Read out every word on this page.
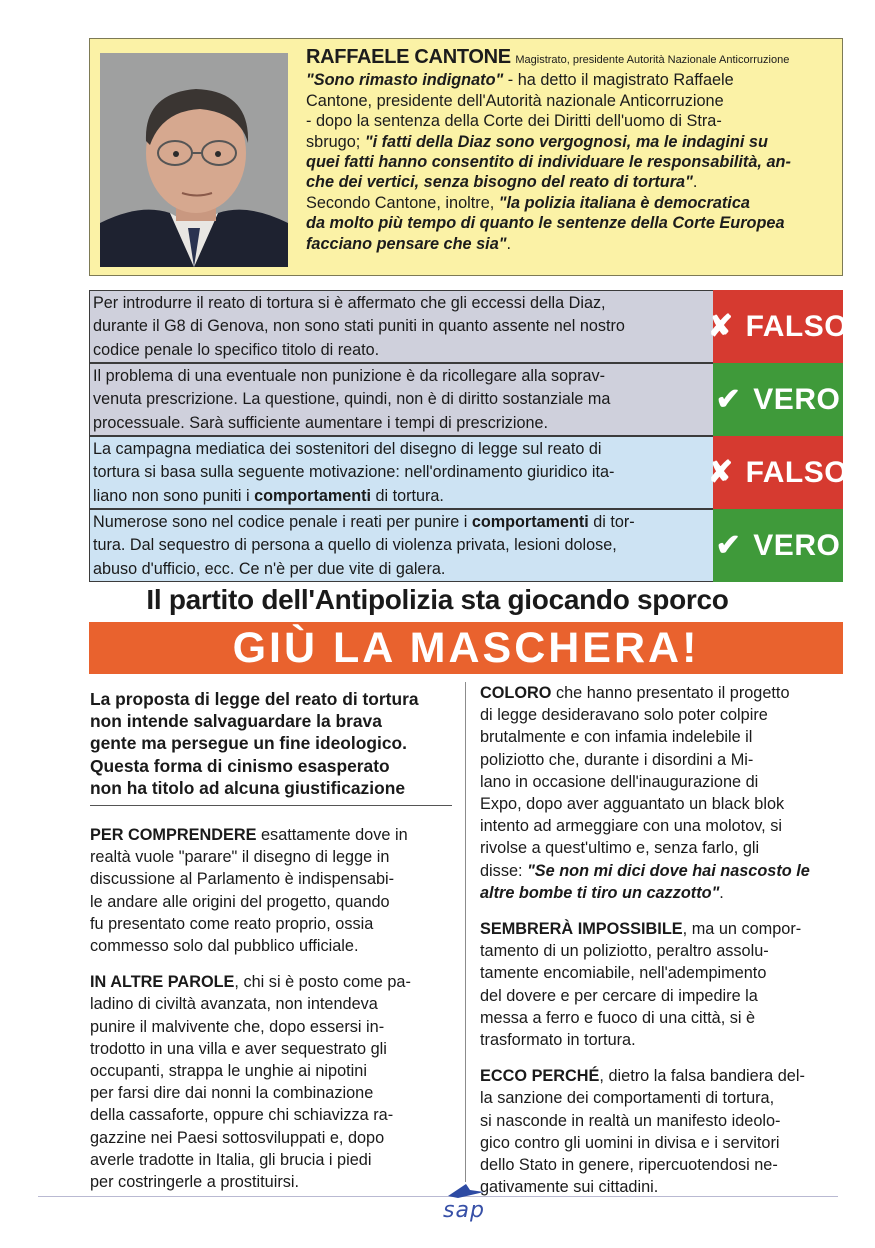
RAFFAELE CANTONE Magistrato, presidente Autorità Nazionale Anticorruzione
"Sono rimasto indignato" - ha detto il magistrato Raffaele
Cantone, presidente dell'Autorità nazionale Anticorruzione
- dopo la sentenza della Corte dei Diritti dell'uomo di Stra-
sbrugo; "i fatti della Diaz sono vergognosi, ma le indagini su
quei fatti hanno consentito di individuare le responsabilità, an-
che dei vertici, senza bisogno del reato di tortura".
Secondo Cantone, inoltre, "la polizia italiana è democratica
da molto più tempo di quanto le sentenze della Corte Europea
facciano pensare che sia".
Per introdurre il reato di tortura si è affermato che gli eccessi della Diaz,
durante il G8 di Genova, non sono stati puniti in quanto assente nel nostro
codice penale lo specifico titolo di reato.
✘ FALSO
Il problema di una eventuale non punizione è da ricollegare alla soprav-
venuta prescrizione. La questione, quindi, non è di diritto sostanziale ma
processuale. Sarà sufficiente aumentare i tempi di prescrizione.
✔ VERO
La campagna mediatica dei sostenitori del disegno di legge sul reato di
tortura si basa sulla seguente motivazione: nell'ordinamento giuridico ita-
liano non sono puniti i comportamenti di tortura.
✘ FALSO
Numerose sono nel codice penale i reati per punire i comportamenti di tor-
tura. Dal sequestro di persona a quello di violenza privata, lesioni dolose,
abuso d'ufficio, ecc. Ce n'è per due vite di galera.
✔ VERO
Il partito dell'Antipolizia sta giocando sporco
GIÙ LA MASCHERA!
La proposta di legge del reato di tortura
non intende salvaguardare la brava
gente ma persegue un fine ideologico.
Questa forma di cinismo esasperato
non ha titolo ad alcuna giustificazione
PER COMPRENDERE esattamente dove in
realtà vuole "parare" il disegno di legge in
discussione al Parlamento è indispensabi-
le andare alle origini del progetto, quando
fu presentato come reato proprio, ossia
commesso solo dal pubblico ufficiale.
IN ALTRE PAROLE, chi si è posto come pa-
ladino di civiltà avanzata, non intendeva
punire il malvivente che, dopo essersi in-
trodotto in una villa e aver sequestrato gli
occupanti, strappa le unghie ai nipotini
per farsi dire dai nonni la combinazione
della cassaforte, oppure chi schiavizza ra-
gazzine nei Paesi sottosviluppati e, dopo
averle tradotte in Italia, gli brucia i piedi
per costringerle a prostituirsi.
COLORO che hanno presentato il progetto
di legge desideravano solo poter colpire
brutalmente e con infamia indelebile il
poliziotto che, durante i disordini a Mi-
lano in occasione dell'inaugurazione di
Expo, dopo aver agguantato un black blok
intento ad armeggiare con una molotov, si
rivolse a quest'ultimo e, senza farlo, gli
disse: "Se non mi dici dove hai nascosto le
altre bombe ti tiro un cazzotto".
SEMBRERÀ IMPOSSIBILE, ma un compor-
tamento di un poliziotto, peraltro assolu-
tamente encomiabile, nell'adempimento
del dovere e per cercare di impedire la
messa a ferro e fuoco di una città, si è
trasformato in tortura.
ECCO PERCHÉ, dietro la falsa bandiera del-
la sanzione dei comportamenti di tortura,
si nasconde in realtà un manifesto ideolo-
gico contro gli uomini in divisa e i servitori
dello Stato in genere, ripercuotendosi ne-
gativamente sui cittadini.
sap
